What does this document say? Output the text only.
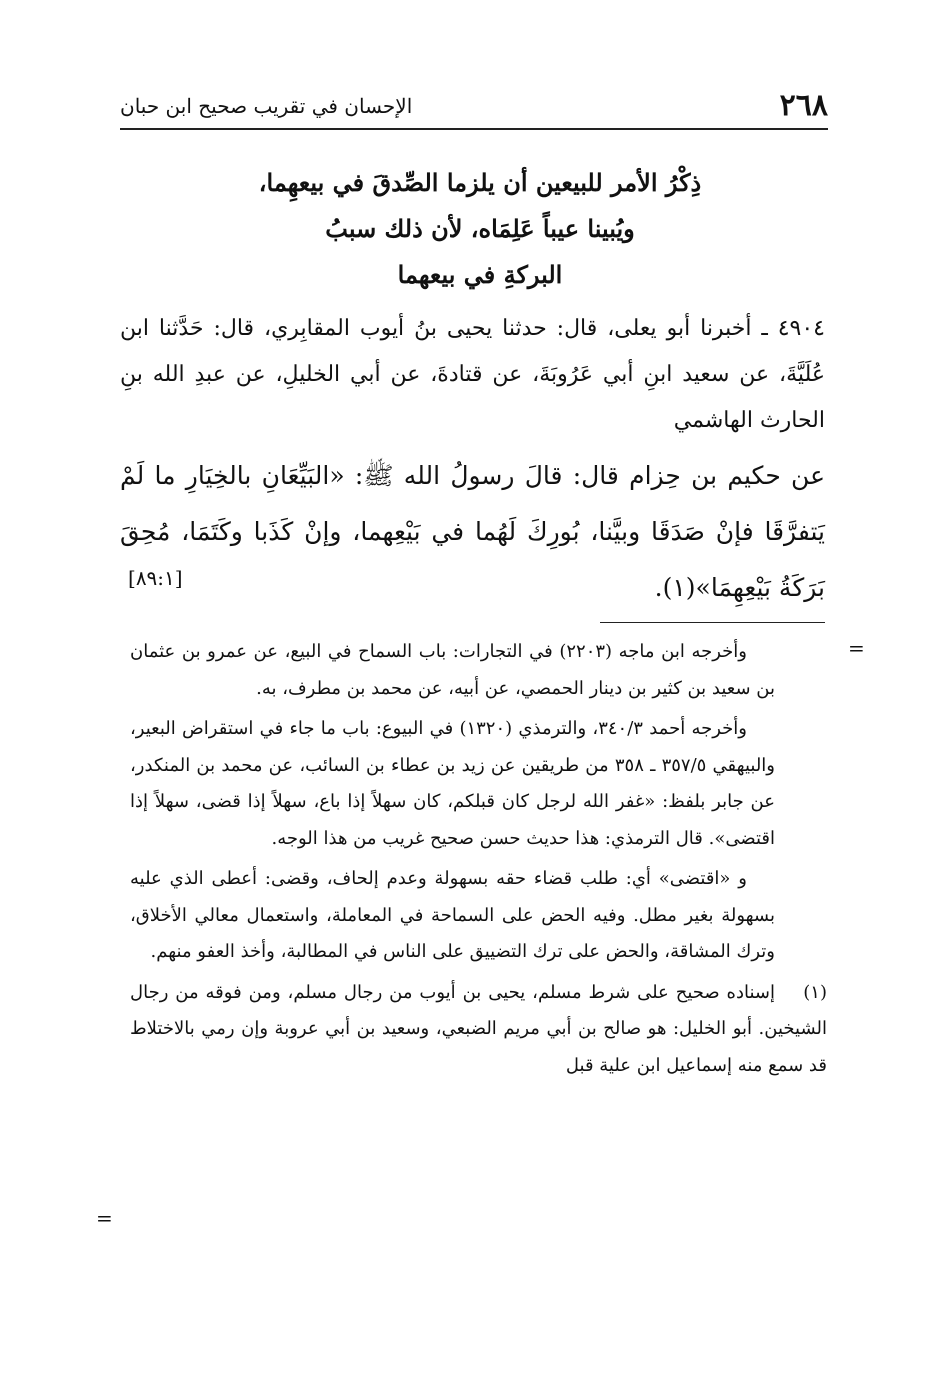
٢٦٨
الإحسان في تقريب صحيح ابن حبان
ذِكْرُ الأمر للبيعين أن يلزما الصِّدقَ في بيعهِما،
ويُبينا عيباً عَلِمَاه، لأن ذلك سببُ
البركةِ في بيعهما
٤٩٠٤ ـ أخبرنا أبو يعلى، قال: حدثنا يحيى بنُ أيوب المقابِري، قال: حَدَّثنا ابن عُلَيَّةَ، عن سعيد ابنِ أبي عَرُوبَةَ، عن قتادةَ، عن أبي الخليلِ، عن عبدِ الله بنِ الحارث الهاشمي
عن حكيم بن حِزام قال: قالَ رسولُ الله ﷺ: «البَيِّعَانِ بالخِيَارِ ما لَمْ يَتفرَّقَا فإنْ صَدَقَا وبيَّنا، بُورِكَ لَهُما في بَيْعِهما، وإنْ كَذَبا وكَتَمَا، مُحِقَ بَرَكَةُ بَيْعِهِمَا»(١).
[٨٩:١]
=

وأخرجه ابن ماجه (٢٢٠٣) في التجارات: باب السماح في البيع، عن عمرو بن عثمان بن سعيد بن كثير بن دينار الحمصي، عن أبيه، عن محمد بن مطرف، به.

وأخرجه أحمد ٣٤٠/٣، والترمذي (١٣٢٠) في البيوع: باب ما جاء في استقراض البعير، والبيهقي ٣٥٧/٥ ـ ٣٥٨ من طريقين عن زيد بن عطاء بن السائب، عن محمد بن المنكدر، عن جابر بلفظ: «غفر الله لرجل كان قبلكم، كان سهلاً إذا باع، سهلاً إذا قضى، سهلاً إذا اقتضى». قال الترمذي: هذا حديث حسن صحيح غريب من هذا الوجه.

و «اقتضى» أي: طلب قضاء حقه بسهولة وعدم إلحاف، وقضى: أعطى الذي عليه بسهولة بغير مطل. وفيه الحض على السماحة في المعاملة، واستعمال معالي الأخلاق، وترك المشاقة، والحض على ترك التضييق على الناس في المطالبة، وأخذ العفو منهم.

(١)إسناده صحيح على شرط مسلم، يحيى بن أيوب من رجال مسلم، ومن فوقه من رجال الشيخين. أبو الخليل: هو صالح بن أبي مريم الضبعي، وسعيد بن أبي عروبة وإن رمي بالاختلاط قد سمع منه إسماعيل ابن علية قبل

=
